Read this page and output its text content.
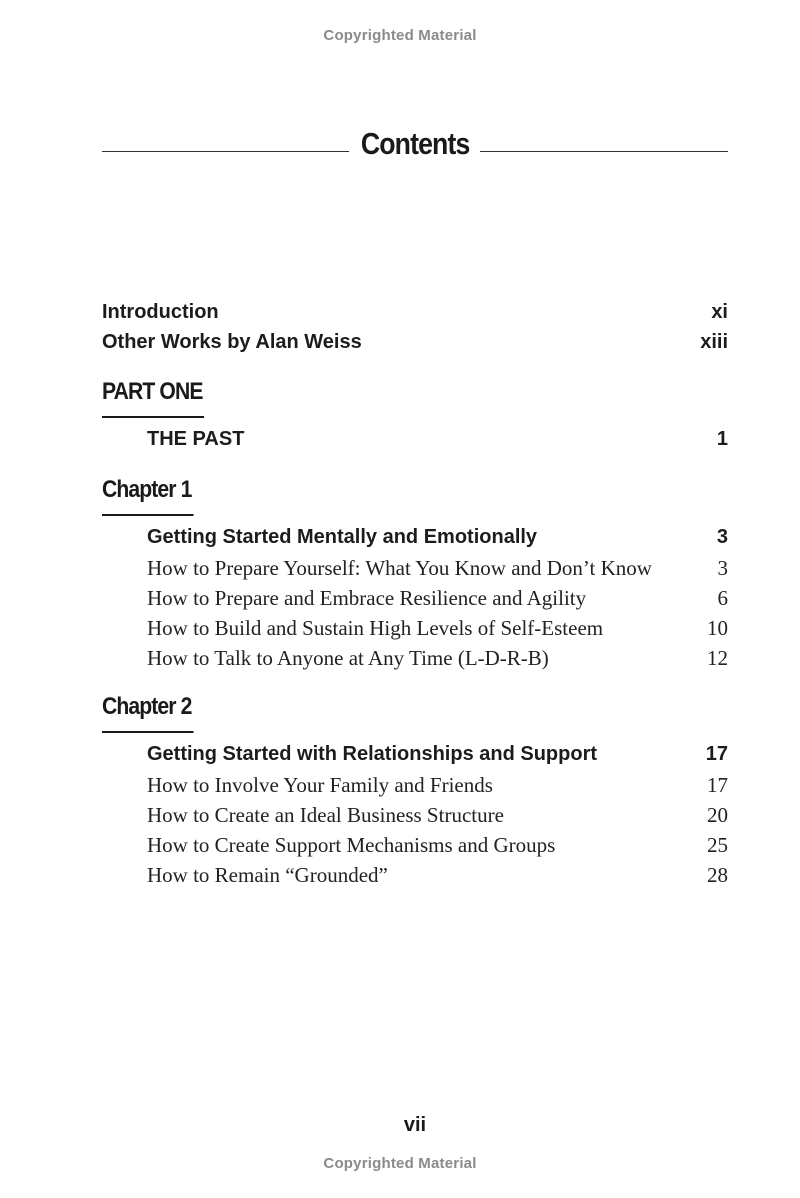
Copyrighted Material
Contents
Introduction	xi
Other Works by Alan Weiss	xiii
PART ONE
THE PAST	1
Chapter 1
Getting Started Mentally and Emotionally	3
How to Prepare Yourself: What You Know and Don’t Know	3
How to Prepare and Embrace Resilience and Agility	6
How to Build and Sustain High Levels of Self-Esteem	10
How to Talk to Anyone at Any Time (L-D-R-B)	12
Chapter 2
Getting Started with Relationships and Support	17
How to Involve Your Family and Friends	17
How to Create an Ideal Business Structure	20
How to Create Support Mechanisms and Groups	25
How to Remain “Grounded”	28
vii
Copyrighted Material
